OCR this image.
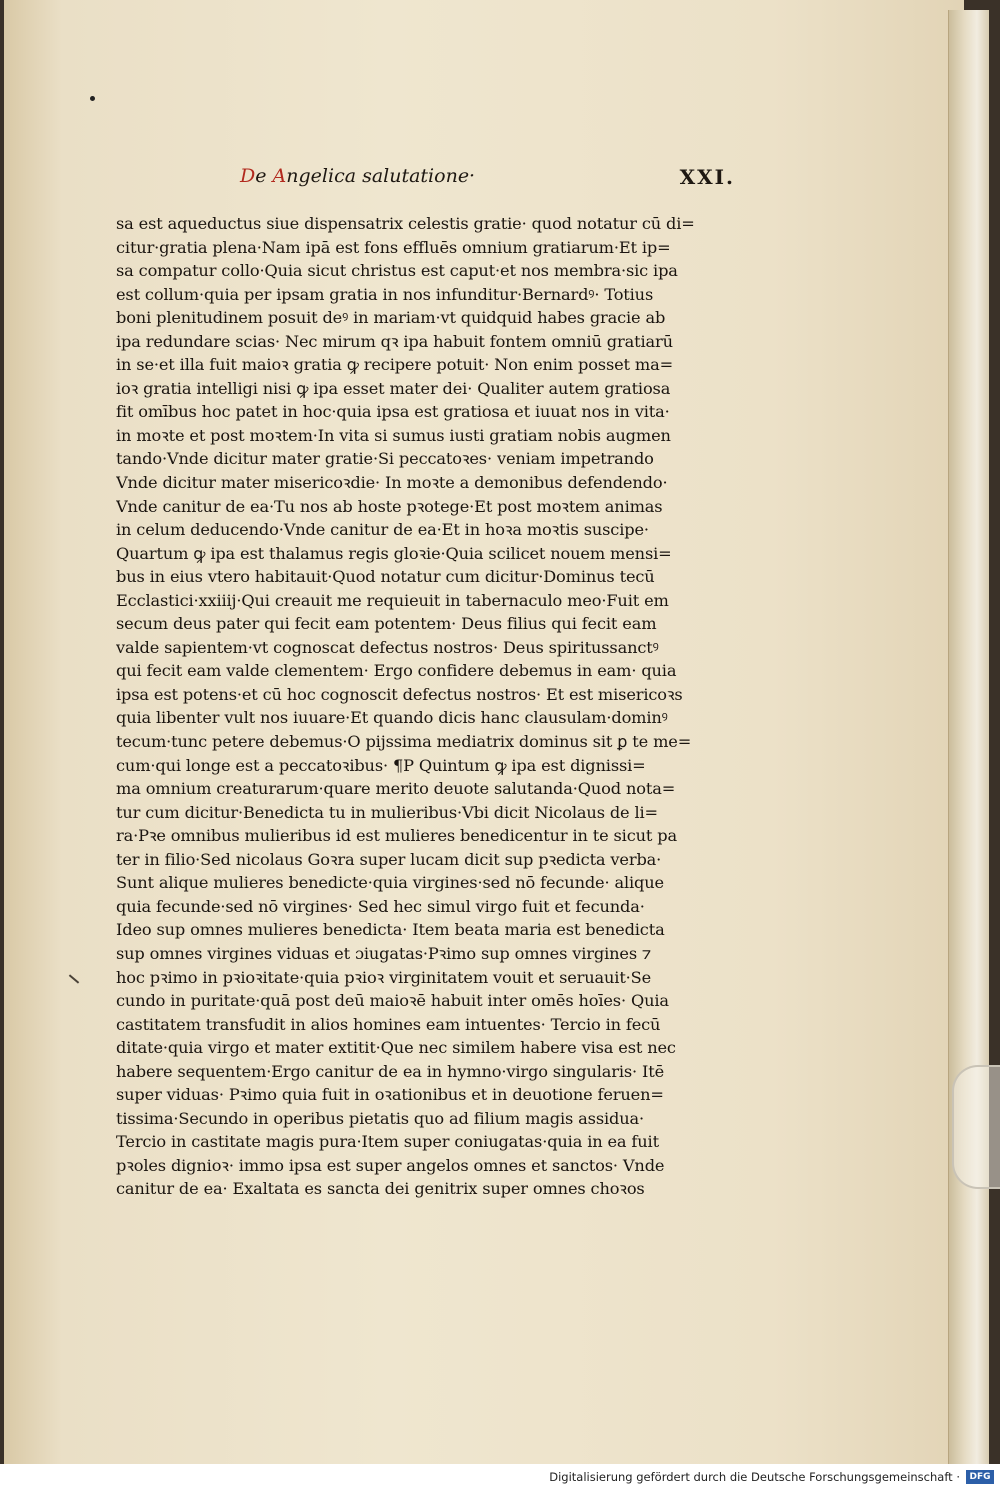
De Angelica salutatione·	XXI.
sa est aqueductus siue dispensatrix celestis gratie· quod notatur cū di=
citur·gratia plena·Nam ipā est fons effluēs omnium gratiarum·Et ip=
sa compatur collo·Quia sicut christus est caput·et nos membra·sic ipa
est collum·quia per ipsam gratia in nos infunditur·Bernardꝰ· Totius
boni plenitudinem posuit deꝰ in mariam·vt quidquid habes gracie ab
ipa redundare scias· Nec mirum qꝛ ipa habuit fontem omniū gratiarū
in se·et illa fuit maioꝛ gratia ꝙ recipere potuit· Non enim posset ma=
ioꝛ gratia intelligi nisi ꝙ ipa esset mater dei· Qualiter autem gratiosa
fit omībus hoc patet in hoc·quia ipsa est gratiosa et iuuat nos in vita·
in moꝛte et post moꝛtem·In vita si sumus iusti gratiam nobis augmen
tando·Vnde dicitur mater gratie·Si peccatoꝛes· veniam impetrando
Vnde dicitur mater misericoꝛdie· In moꝛte a demonibus defendendo·
Vnde canitur de ea·Tu nos ab hoste pꝛotege·Et post moꝛtem animas
in celum deducendo·Vnde canitur de ea·Et in hoꝛa moꝛtis suscipe·
Quartum ꝙ ipa est thalamus regis gloꝛie·Quia scilicet nouem mensi=
bus in eius vtero habitauit·Quod notatur cum dicitur·Dominus tecū
Ecclastici·xxiiij·Qui creauit me requieuit in tabernaculo meo·Fuit em
secum deus pater qui fecit eam potentem· Deus filius qui fecit eam
valde sapientem·vt cognoscat defectus nostros· Deus spiritussanctꝰ
qui fecit eam valde clementem· Ergo confidere debemus in eam· quia
ipsa est potens·et cū hoc cognoscit defectus nostros· Et est misericoꝛs
quia libenter vult nos iuuare·Et quando dicis hanc clausulam·dominꝰ
tecum·tunc petere debemus·O pijssima mediatrix dominus sit ꝑ te me=
cum·qui longe est a peccatoꝛibus· ¶P Quintum ꝙ ipa est dignissi=
ma omnium creaturarum·quare merito deuote salutanda·Quod nota=
tur cum dicitur·Benedicta tu in mulieribus·Vbi dicit Nicolaus de li=
ra·Pꝛe omnibus mulieribus id est mulieres benedicentur in te sicut pa
ter in filio·Sed nicolaus Goꝛra super lucam dicit sup pꝛedicta verba·
Sunt alique mulieres benedicte·quia virgines·sed nō fecunde· alique
quia fecunde·sed nō virgines· Sed hec simul virgo fuit et fecunda·
Ideo sup omnes mulieres benedicta· Item beata maria est benedicta
sup omnes virgines viduas et ɔiugatas·Pꝛimo sup omnes virgines ⁊
hoc pꝛimo in pꝛioꝛitate·quia pꝛioꝛ virginitatem vouit et seruauit·Se
cundo in puritate·quā post deū maioꝛē habuit inter omēs hoīes· Quia
castitatem transfudit in alios homines eam intuentes· Tercio in fecū
ditate·quia virgo et mater extitit·Que nec similem habere visa est nec
habere sequentem·Ergo canitur de ea in hymno·virgo singularis· Itē
super viduas· Pꝛimo quia fuit in oꝛationibus et in deuotione feruen=
tissima·Secundo in operibus pietatis quo ad filium magis assidua·
Tercio in castitate magis pura·Item super coniugatas·quia in ea fuit
pꝛoles dignioꝛ· immo ipsa est super angelos omnes et sanctos· Vnde
canitur de ea· Exaltata es sancta dei genitrix super omnes choꝛos
Digitalisierung gefördert durch die Deutsche Forschungsgemeinschaft ·	DFG
